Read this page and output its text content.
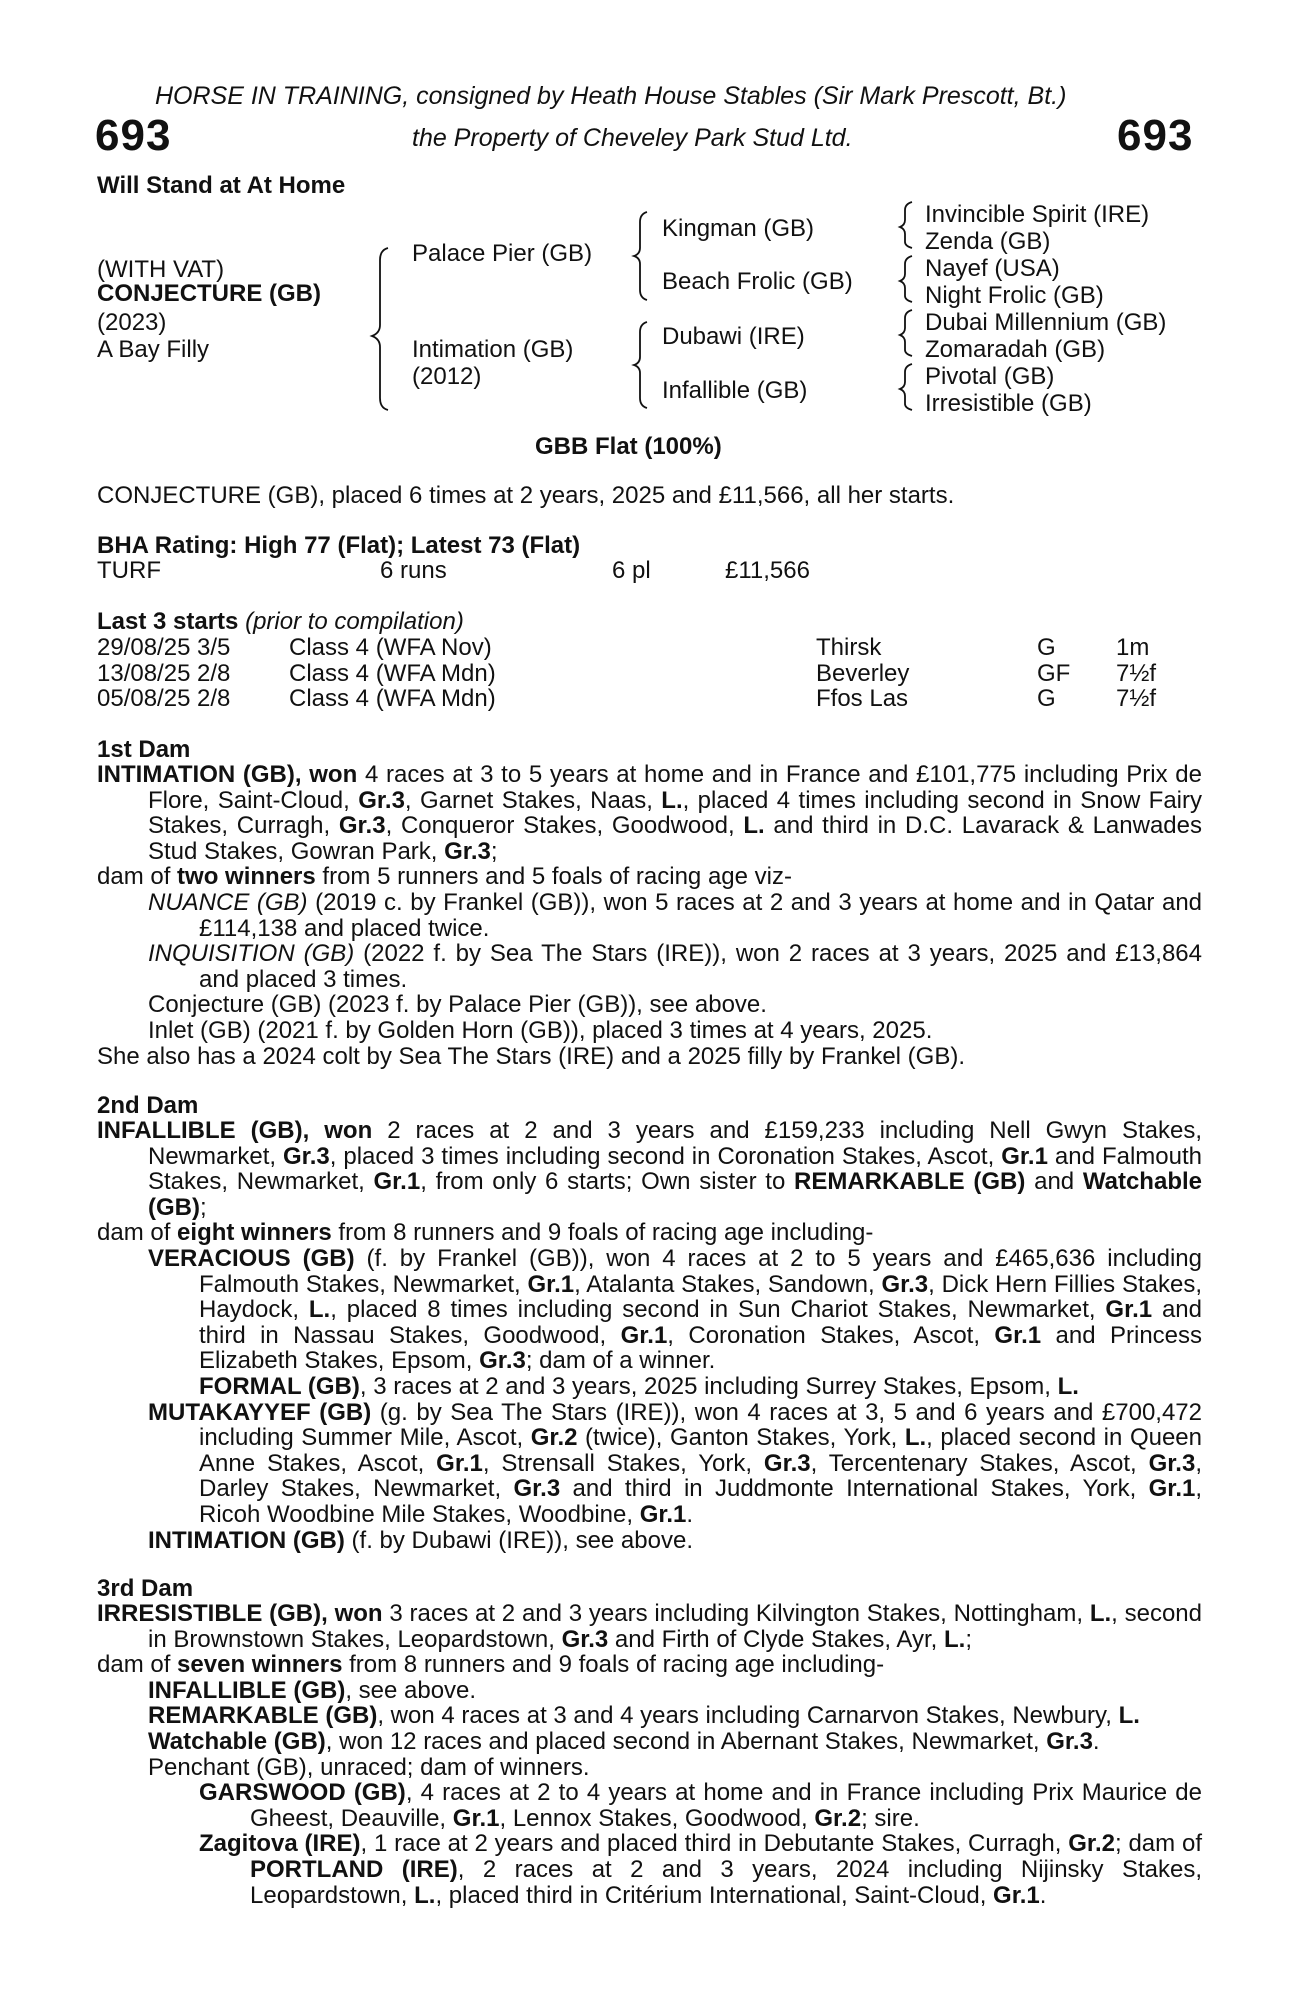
HORSE IN TRAINING, consigned by Heath House Stables (Sir Mark Prescott, Bt.)
693	the Property of Cheveley Park Stud Ltd.	693
Will Stand at At Home
(WITH VAT)
CONJECTURE (GB)
(2023)
A Bay Filly
Palace Pier (GB)
Intimation (GB)
(2012)
Kingman (GB)
Beach Frolic (GB)
Dubawi (IRE)
Infallible (GB)
Invincible Spirit (IRE)
Zenda (GB)
Nayef (USA)
Night Frolic (GB)
Dubai Millennium (GB)
Zomaradah (GB)
Pivotal (GB)
Irresistible (GB)
GBB Flat (100%)
CONJECTURE (GB), placed 6 times at 2 years, 2025 and £11,566, all her starts.
BHA Rating: High 77 (Flat); Latest 73 (Flat)
TURF	6 runs	6 pl	£11,566
Last 3 starts (prior to compilation)
29/08/25 3/5 Class 4 (WFA Nov)	Thirsk	G	1m
13/08/25 2/8 Class 4 (WFA Mdn)	Beverley	GF 7½f
05/08/25 2/8 Class 4 (WFA Mdn)	Ffos Las	G	7½f
1st Dam

INTIMATION (GB), won 4 races at 3 to 5 years at home and in France and £101,775 including Prix de Flore, Saint-Cloud, Gr.3, Garnet Stakes, Naas, L., placed 4 times including second in Snow Fairy Stakes, Curragh, Gr.3, Conqueror Stakes, Goodwood, L. and third in D.C. Lavarack & Lanwades Stud Stakes, Gowran Park, Gr.3;

dam of two winners from 5 runners and 5 foals of racing age viz-

NUANCE (GB) (2019 c. by Frankel (GB)), won 5 races at 2 and 3 years at home and in Qatar and £114,138 and placed twice.

INQUISITION (GB) (2022 f. by Sea The Stars (IRE)), won 2 races at 3 years, 2025 and £13,864 and placed 3 times.

Conjecture (GB) (2023 f. by Palace Pier (GB)), see above.

Inlet (GB) (2021 f. by Golden Horn (GB)), placed 3 times at 4 years, 2025.

She also has a 2024 colt by Sea The Stars (IRE) and a 2025 filly by Frankel (GB).

2nd Dam

INFALLIBLE (GB), won 2 races at 2 and 3 years and £159,233 including Nell Gwyn Stakes, Newmarket, Gr.3, placed 3 times including second in Coronation Stakes, Ascot, Gr.1 and Falmouth Stakes, Newmarket, Gr.1, from only 6 starts; Own sister to REMARKABLE (GB) and Watchable (GB);

dam of eight winners from 8 runners and 9 foals of racing age including-

VERACIOUS (GB) (f. by Frankel (GB)), won 4 races at 2 to 5 years and £465,636 including Falmouth Stakes, Newmarket, Gr.1, Atalanta Stakes, Sandown, Gr.3, Dick Hern Fillies Stakes, Haydock, L., placed 8 times including second in Sun Chariot Stakes, Newmarket, Gr.1 and third in Nassau Stakes, Goodwood, Gr.1, Coronation Stakes, Ascot, Gr.1 and Princess Elizabeth Stakes, Epsom, Gr.3; dam of a winner.

FORMAL (GB), 3 races at 2 and 3 years, 2025 including Surrey Stakes, Epsom, L.

MUTAKAYYEF (GB) (g. by Sea The Stars (IRE)), won 4 races at 3, 5 and 6 years and £700,472 including Summer Mile, Ascot, Gr.2 (twice), Ganton Stakes, York, L., placed second in Queen Anne Stakes, Ascot, Gr.1, Strensall Stakes, York, Gr.3, Tercentenary Stakes, Ascot, Gr.3, Darley Stakes, Newmarket, Gr.3 and third in Juddmonte International Stakes, York, Gr.1, Ricoh Woodbine Mile Stakes, Woodbine, Gr.1.

INTIMATION (GB) (f. by Dubawi (IRE)), see above.

3rd Dam

IRRESISTIBLE (GB), won 3 races at 2 and 3 years including Kilvington Stakes, Nottingham, L., second in Brownstown Stakes, Leopardstown, Gr.3 and Firth of Clyde Stakes, Ayr, L.;

dam of seven winners from 8 runners and 9 foals of racing age including-

INFALLIBLE (GB), see above.

REMARKABLE (GB), won 4 races at 3 and 4 years including Carnarvon Stakes, Newbury, L.

Watchable (GB), won 12 races and placed second in Abernant Stakes, Newmarket, Gr.3.

Penchant (GB), unraced; dam of winners.

GARSWOOD (GB), 4 races at 2 to 4 years at home and in France including Prix Maurice de Gheest, Deauville, Gr.1, Lennox Stakes, Goodwood, Gr.2; sire.

Zagitova (IRE), 1 race at 2 years and placed third in Debutante Stakes, Curragh, Gr.2; dam of PORTLAND (IRE), 2 races at 2 and 3 years, 2024 including Nijinsky Stakes, Leopardstown, L., placed third in Critérium International, Saint-Cloud, Gr.1.
